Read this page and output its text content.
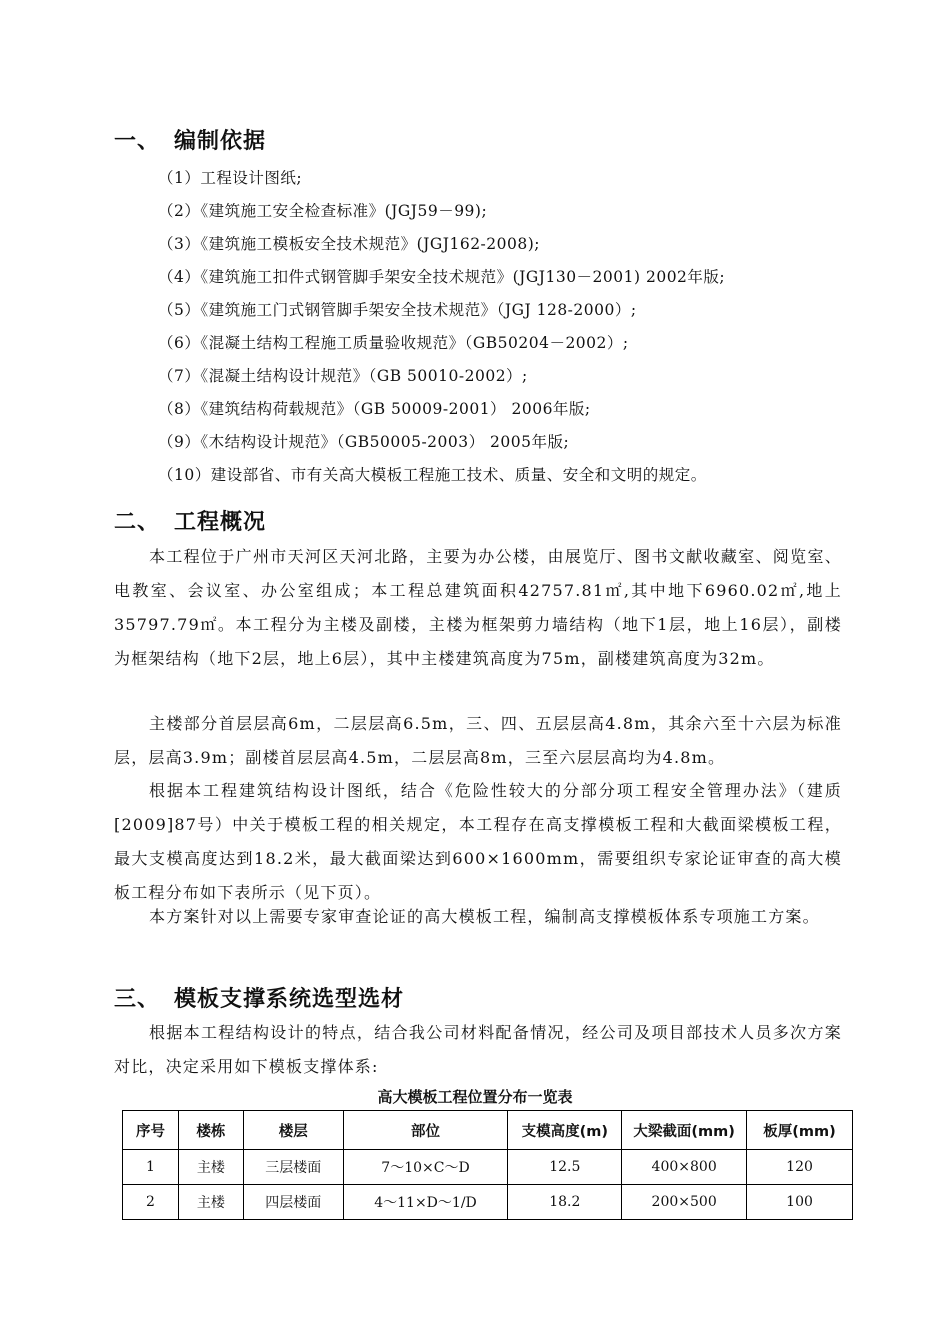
一、 编制依据
（1）工程设计图纸;
（2）《建筑施工安全检查标准》(JGJ59－99);
（3）《建筑施工模板安全技术规范》(JGJ162-2008);
（4）《建筑施工扣件式钢管脚手架安全技术规范》(JGJ130－2001) 2002年版;
（5）《建筑施工门式钢管脚手架安全技术规范》（JGJ 128-2000）;
（6）《混凝土结构工程施工质量验收规范》（GB50204－2002）;
（7）《混凝土结构设计规范》（GB 50010-2002）;
（8）《建筑结构荷载规范》（GB 50009-2001） 2006年版;
（9）《木结构设计规范》（GB50005-2003） 2005年版;
（10）建设部省、市有关高大模板工程施工技术、质量、安全和文明的规定。
二、 工程概况
本工程位于广州市天河区天河北路，主要为办公楼，由展览厅、图书文献收藏室、阅览室、电教室、会议室、办公室组成；本工程总建筑面积42757.81㎡,其中地下6960.02㎡,地上35797.79㎡。本工程分为主楼及副楼，主楼为框架剪力墙结构（地下1层，地上16层），副楼为框架结构（地下2层，地上6层），其中主楼建筑高度为75m，副楼建筑高度为32m。
主楼部分首层层高6m，二层层高6.5m，三、四、五层层高4.8m，其余六至十六层为标准层，层高3.9m；副楼首层层高4.5m，二层层高8m，三至六层层高均为4.8m。
根据本工程建筑结构设计图纸，结合《危险性较大的分部分项工程安全管理办法》（建质[2009]87号）中关于模板工程的相关规定，本工程存在高支撑模板工程和大截面梁模板工程，最大支模高度达到18.2米，最大截面梁达到600×1600mm，需要组织专家论证审查的高大模板工程分布如下表所示（见下页）。
本方案针对以上需要专家审查论证的高大模板工程，编制高支撑模板体系专项施工方案。
三、 模板支撑系统选型选材
根据本工程结构设计的特点，结合我公司材料配备情况，经公司及项目部技术人员多次方案对比，决定采用如下模板支撑体系:
高大模板工程位置分布一览表
序号	楼栋	楼层	部位	支模高度(m)	大梁截面(mm)	板厚(mm)
1	主楼	三层楼面	7～10×C～D	12.5	400×800	120
2	主楼	四层楼面	4～11×D～1/D	18.2	200×500	100
